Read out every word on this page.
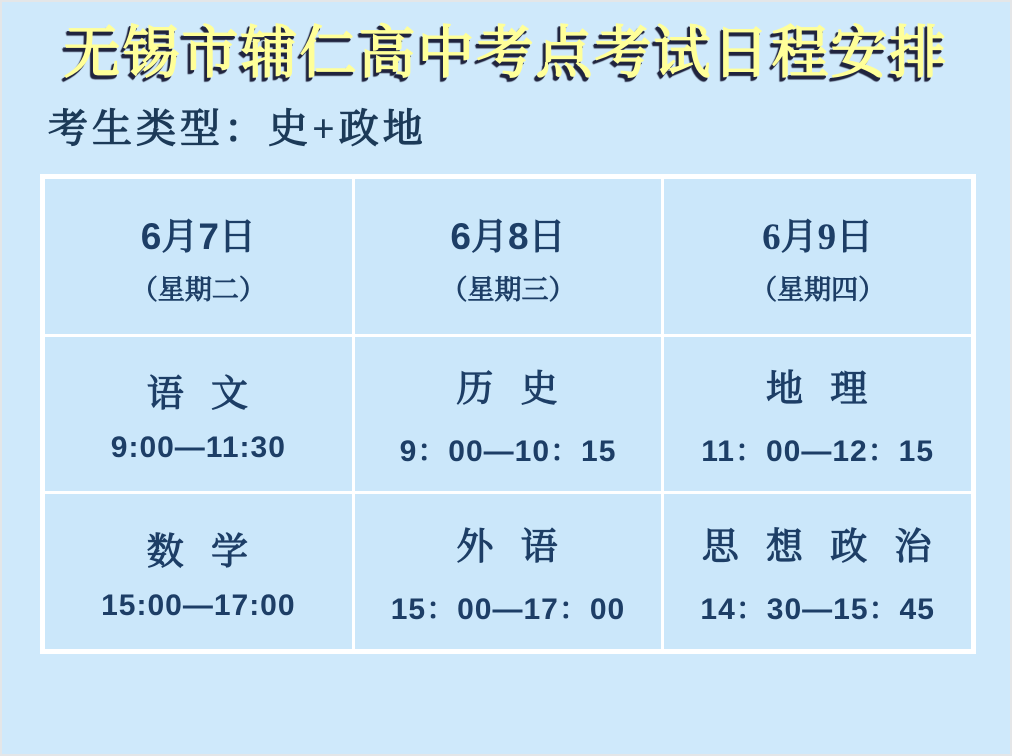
无锡市辅仁高中考点考试日程安排
考生类型：史+政地
6月7日
（星期二）
6月8日
（星期三）
6月9日
（星期四）
语 文
9:00—11:30
历 史
9：00—10：15
地 理
11：00—12：15
数 学
15:00—17:00
外 语
15：00—17：00
思 想 政 治
14：30—15：45
